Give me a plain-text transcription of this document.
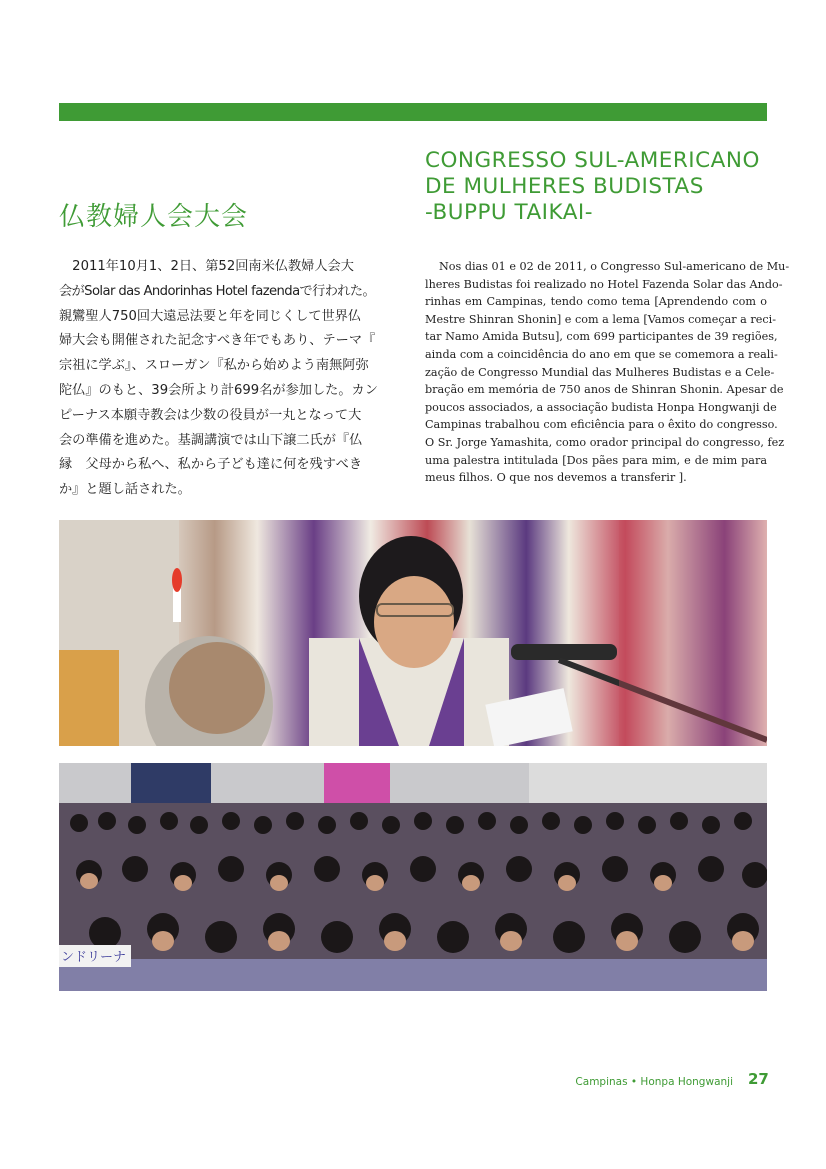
仏教婦人会大会
CONGRESSO SUL-AMERICANO
DE MULHERES BUDISTAS
-BUPPU TAIKAI-
　2011年10月1、2日、第52回南米仏教婦人会大
会がSolar das Andorinhas Hotel fazendaで行われた。
親鸞聖人750回大遠忌法要と年を同じくして世界仏
婦大会も開催された記念すべき年でもあり、テーマ『
宗祖に学ぶ』、スローガン『私から始めよう南無阿弥
陀仏』のもと、39会所より計699名が参加した。カン
ピーナス本願寺教会は少数の役員が一丸となって大
会の準備を進めた。基調講演では山下譲二氏が『仏
縁　父母から私へ、私から子ども達に何を残すべき
か』と題し話された。
Nos dias 01 e 02 de 2011, o Congresso Sul-americano de Mu-
lheres Budistas foi realizado no Hotel Fazenda Solar das Ando-
rinhas em Campinas, tendo como tema [Aprendendo com o
Mestre Shinran Shonin] e com a lema [Vamos começar a reci-
tar Namo Amida Butsu], com 699 participantes de 39 regiões,
ainda com a coincidência do ano em que se comemora a reali-
zação de Congresso Mundial das Mulheres Budistas e a Cele-
bração em memória de 750 anos de Shinran Shonin. Apesar de
poucos associados, a associação budista Honpa Hongwanji de
Campinas trabalhou com eficiência para o êxito do congresso.
O Sr. Jorge Yamashita, como orador principal do congresso, fez
uma palestra intitulada [Dos pães para mim, e de mim para
meus filhos. O que nos devemos a transferir ].
ンドリーナ
Campinas • Honpa Hongwanji 27
